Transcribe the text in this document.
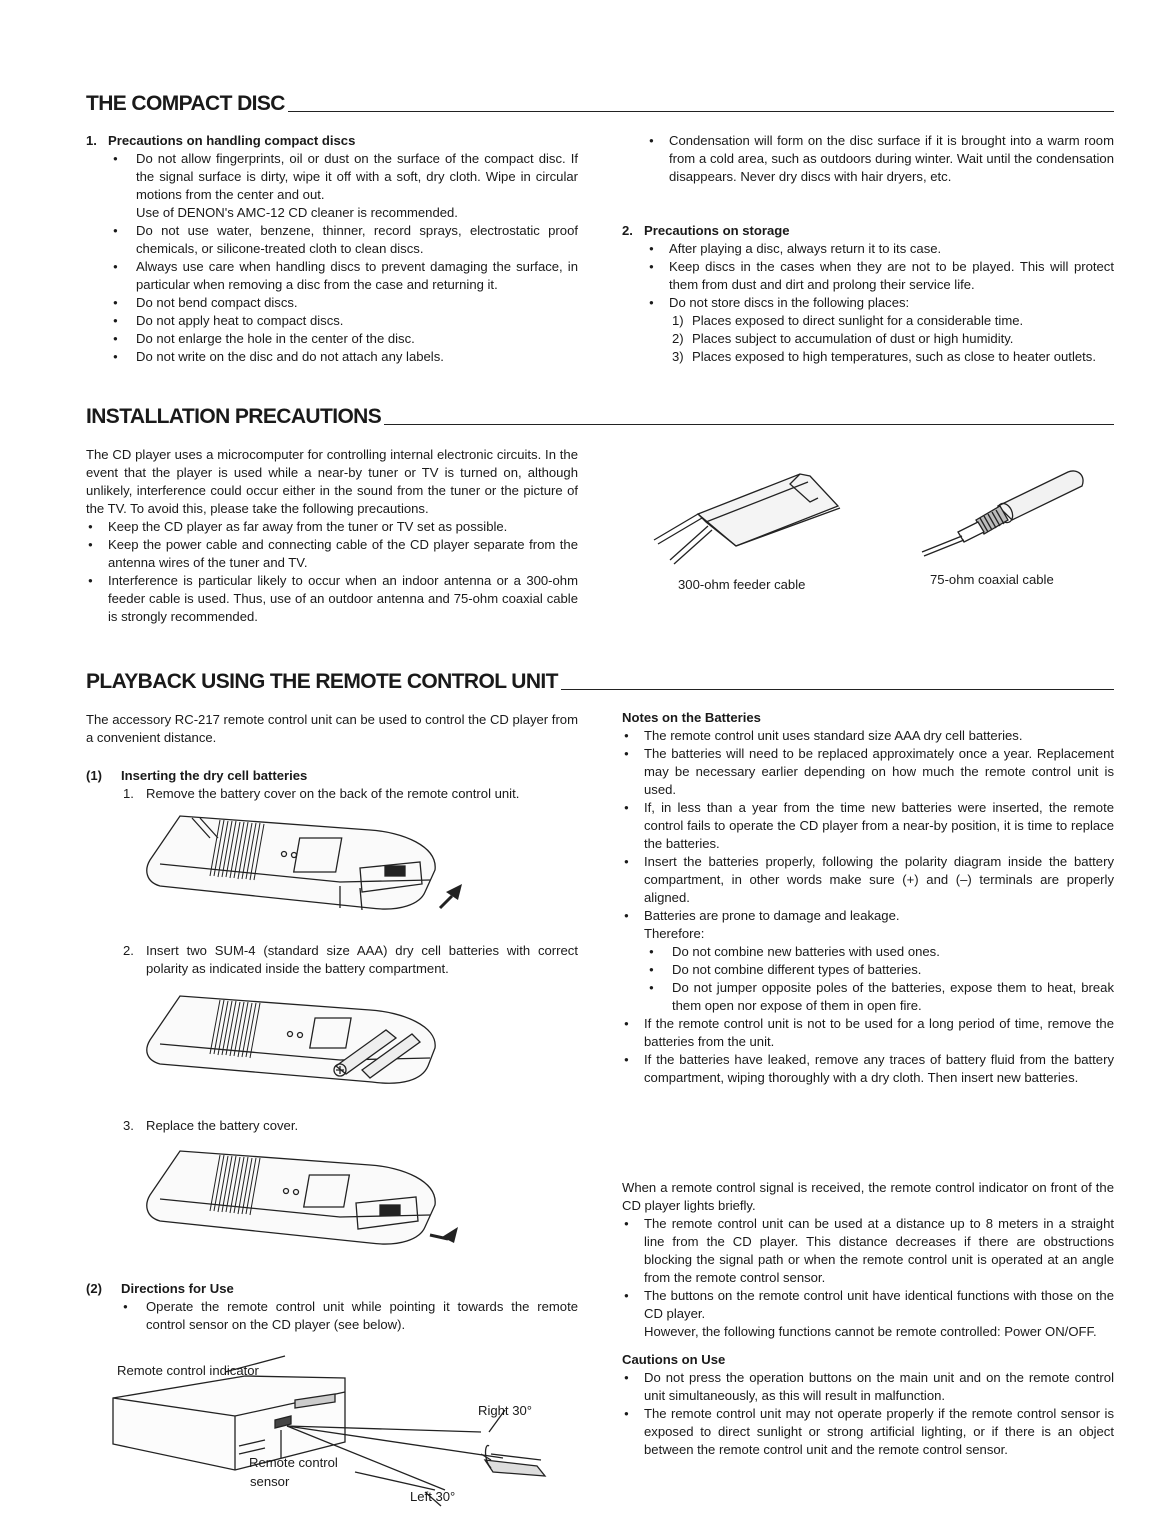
THE COMPACT DISC

1. Precautions on handling compact discs

● Do not allow fingerprints, oil or dust on the surface of the compact disc. If the signal surface is dirty, wipe it off with a soft, dry cloth. Wipe in circular motions from the center and out.
Use of DENON's AMC-12 CD cleaner is recommended.
● Do not use water, benzene, thinner, record sprays, electrostatic proof chemicals, or silicone-treated cloth to clean discs.
● Always use care when handling discs to prevent damaging the surface, in particular when removing a disc from the case and returning it.
● Do not bend compact discs.
● Do not apply heat to compact discs.
● Do not enlarge the hole in the center of the disc.
● Do not write on the disc and do not attach any labels.
● Condensation will form on the disc surface if it is brought into a warm room from a cold area, such as outdoors during winter. Wait until the condensation disappears. Never dry discs with hair dryers, etc.

2. Precautions on storage

● After playing a disc, always return it to its case.
● Keep discs in the cases when they are not to be played. This will protect them from dust and dirt and prolong their service life.
● Do not store discs in the following places:
1) Places exposed to direct sunlight for a considerable time.
2) Places subject to accumulation of dust or high humidity.
3) Places exposed to high temperatures, such as close to heater outlets.
INSTALLATION PRECAUTIONS

The CD player uses a microcomputer for controlling internal electronic circuits. In the event that the player is used while a near-by tuner or TV is turned on, although unlikely, interference could occur either in the sound from the tuner or the picture of the TV. To avoid this, please take the following precautions.

● Keep the CD player as far away from the tuner or TV set as possible.
● Keep the power cable and connecting cable of the CD player separate from the antenna wires of the tuner and TV.
● Interference is particular likely to occur when an indoor antenna or a 300-ohm feeder cable is used. Thus, use of an outdoor antenna and 75-ohm coaxial cable is strongly recommended.
300-ohm feeder cable	75-ohm coaxial cable
PLAYBACK USING THE REMOTE CONTROL UNIT

The accessory RC-217 remote control unit can be used to control the CD player from a convenient distance.

(1) Inserting the dry cell batteries

1. Remove the battery cover on the back of the remote control unit.

2. Insert two SUM-4 (standard size AAA) dry cell batteries with correct polarity as indicated inside the battery compartment.

3. Replace the battery cover.

(2) Directions for Use

● Operate the remote control unit while pointing it towards the remote control sensor on the CD player (see below).
Remote control indicator
Right 30°
Remote control
sensor
Left 30°

Notes on the Batteries

● The remote control unit uses standard size AAA dry cell batteries.
● The batteries will need to be replaced approximately once a year. Replacement may be necessary earlier depending on how much the remote control unit is used.
● If, in less than a year from the time new batteries were inserted, the remote control fails to operate the CD player from a near-by position, it is time to replace the batteries.
● Insert the batteries properly, following the polarity diagram inside the battery compartment, in other words make sure (+) and (–) terminals are properly aligned.
● Batteries are prone to damage and leakage.
Therefore:
● Do not combine new batteries with used ones.
● Do not combine different types of batteries.
● Do not jumper opposite poles of the batteries, expose them to heat, break them open nor expose of them in open fire.
● If the remote control unit is not to be used for a long period of time, remove the batteries from the unit.
● If the batteries have leaked, remove any traces of battery fluid from the battery compartment, wiping thoroughly with a dry cloth. Then insert new batteries.

When a remote control signal is received, the remote control indicator on front of the CD player lights briefly.

● The remote control unit can be used at a distance up to 8 meters in a straight line from the CD player. This distance decreases if there are obstructions blocking the signal path or when the remote control unit is operated at an angle from the remote control sensor.
● The buttons on the remote control unit have identical functions with those on the CD player.
However, the following functions cannot be remote controlled: Power ON/OFF.

Cautions on Use

● Do not press the operation buttons on the main unit and on the remote control unit simultaneously, as this will result in malfunction.
● The remote control unit may not operate properly if the remote control sensor is exposed to direct sunlight or strong artificial lighting, or if there is an object between the remote control unit and the remote control sensor.
